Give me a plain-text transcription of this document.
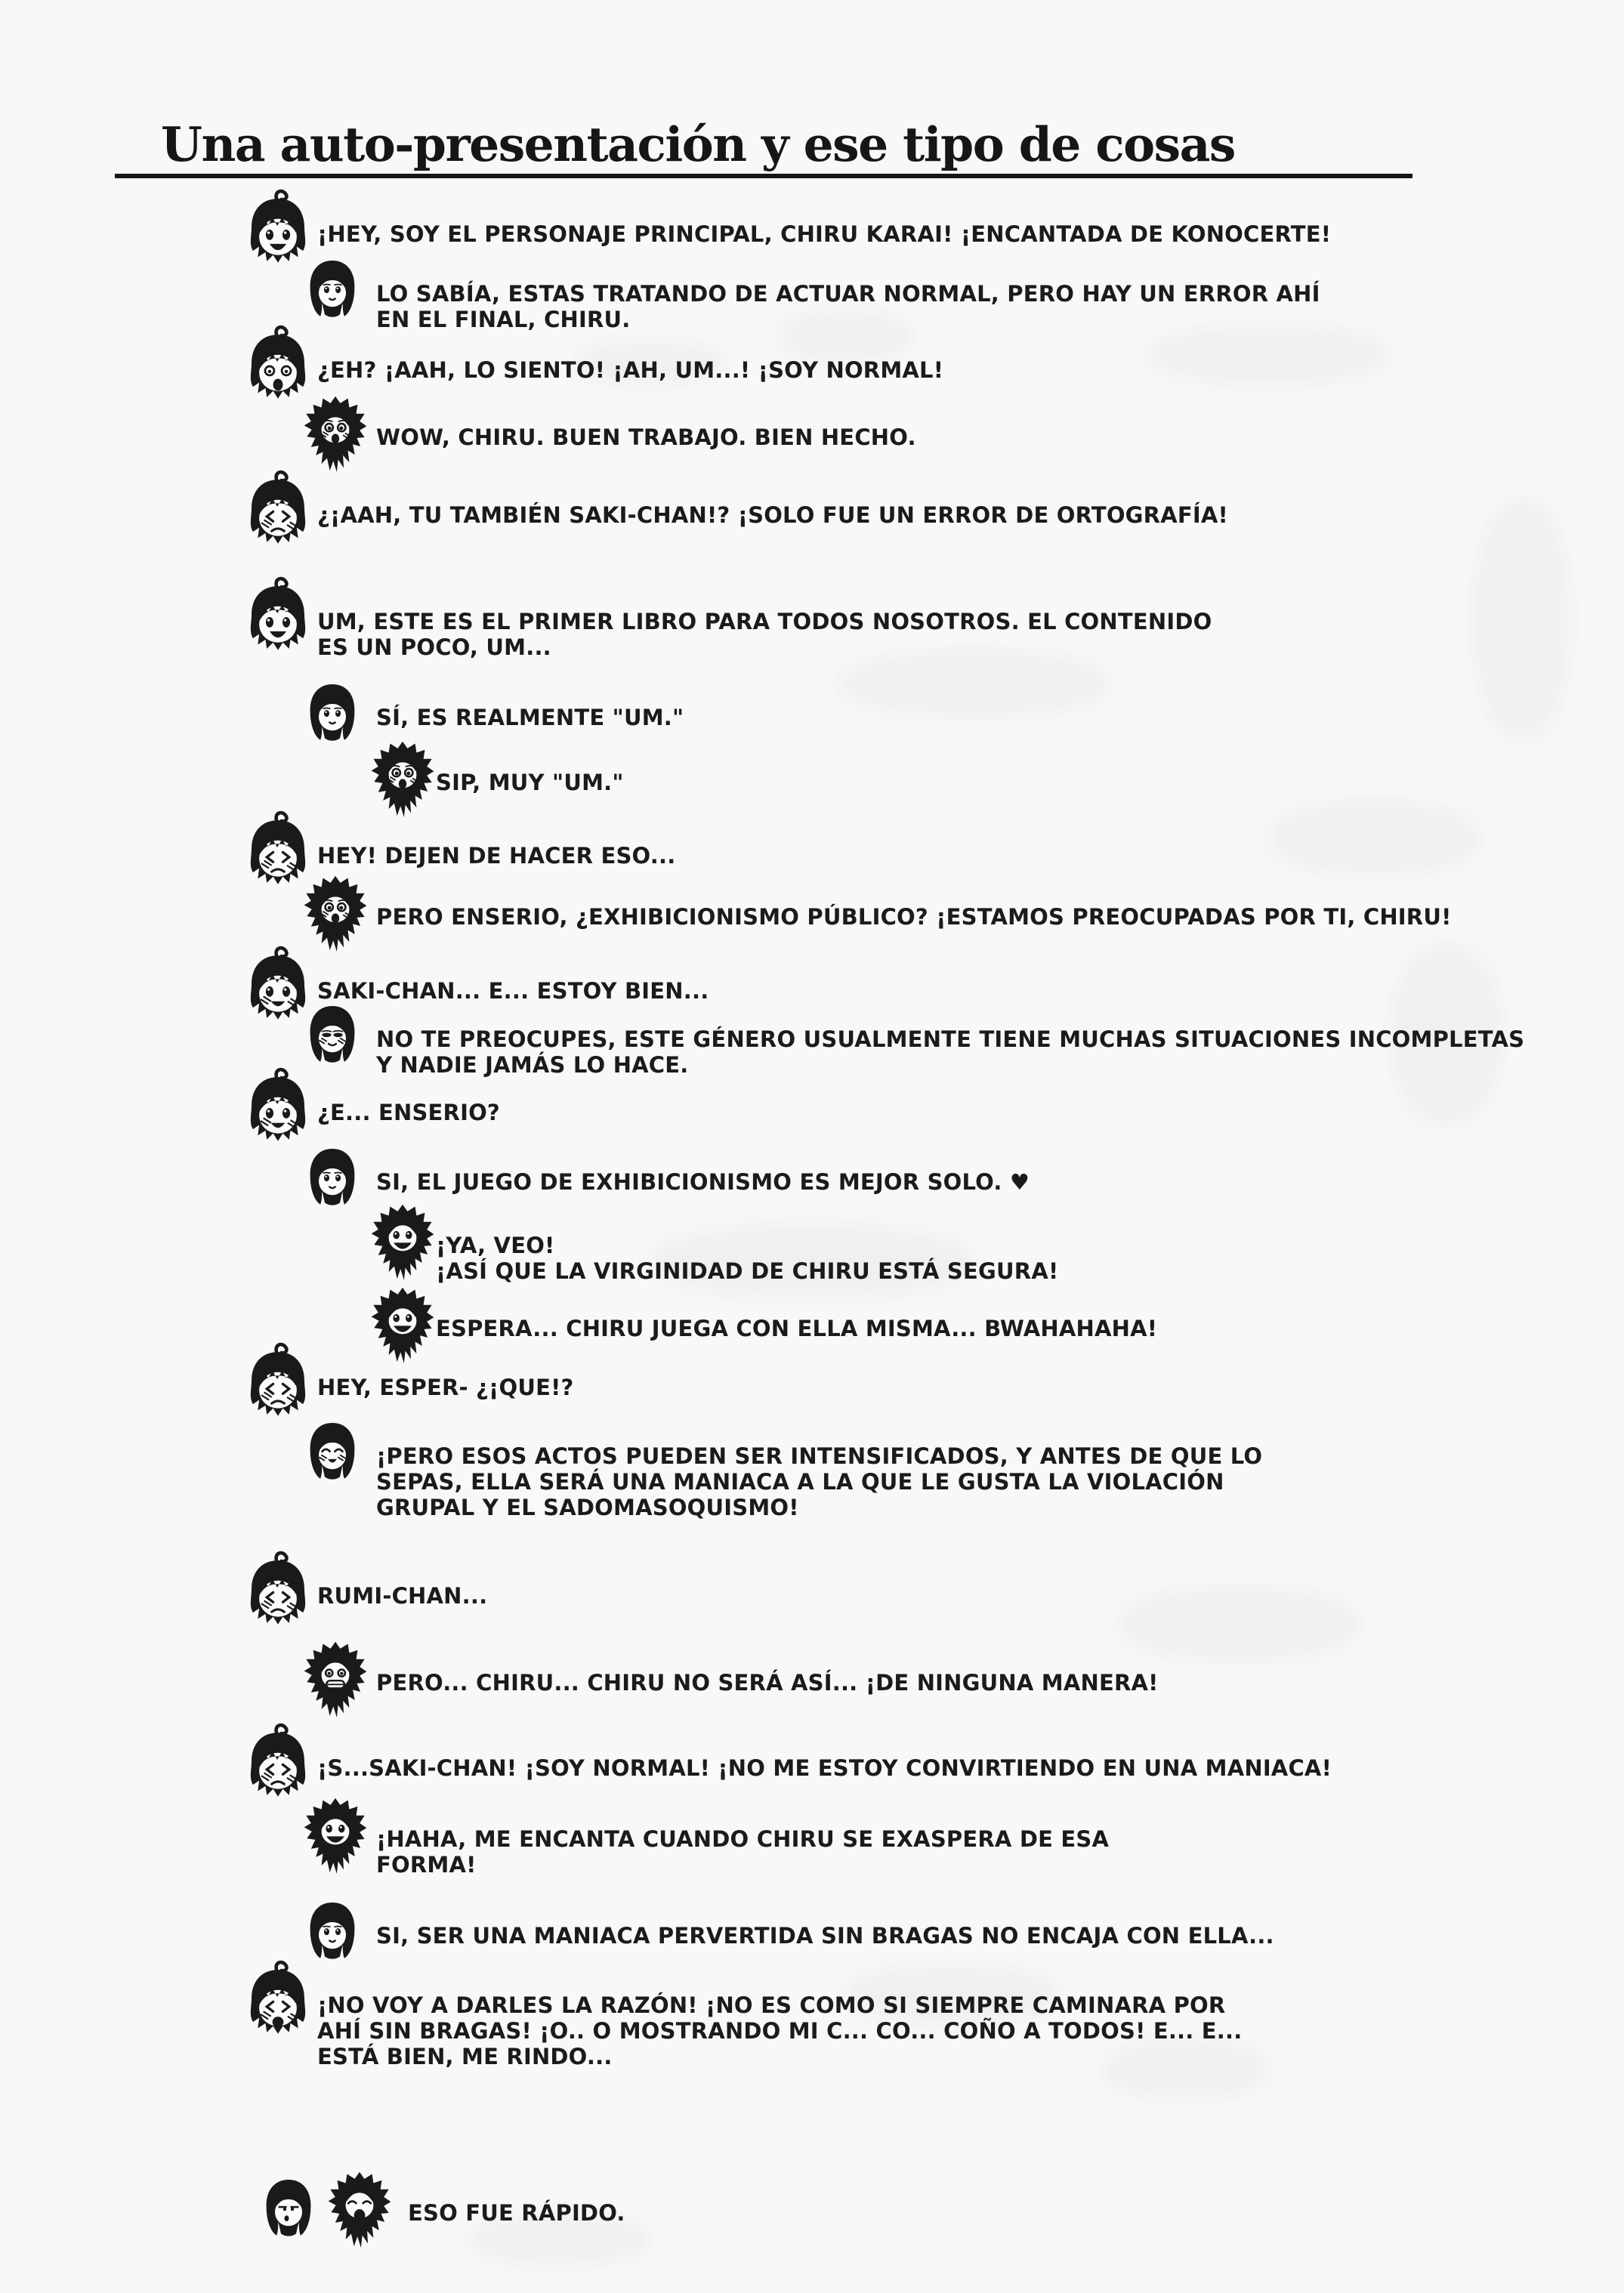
Una auto-presentación y ese tipo de cosas
¡HEY, SOY EL PERSONAJE PRINCIPAL, CHIRU KARAI! ¡ENCANTADA DE KONOCERTE!
LO SABÍA, ESTAS TRATANDO DE ACTUAR NORMAL, PERO HAY UN ERROR AHÍ
EN EL FINAL, CHIRU.
¿EH? ¡AAH, LO SIENTO! ¡AH, UM...! ¡SOY NORMAL!
WOW, CHIRU. BUEN TRABAJO. BIEN HECHO.
¿¡AAH, TU TAMBIÉN SAKI-CHAN!? ¡SOLO FUE UN ERROR DE ORTOGRAFÍA!
UM, ESTE ES EL PRIMER LIBRO PARA TODOS NOSOTROS. EL CONTENIDO
ES UN POCO, UM...
SÍ, ES REALMENTE "UM."
SIP, MUY "UM."
HEY! DEJEN DE HACER ESO...
PERO ENSERIO, ¿EXHIBICIONISMO PÚBLICO? ¡ESTAMOS PREOCUPADAS POR TI, CHIRU!
SAKI-CHAN... E... ESTOY BIEN...
NO TE PREOCUPES, ESTE GÉNERO USUALMENTE TIENE MUCHAS SITUACIONES INCOMPLETAS
Y NADIE JAMÁS LO HACE.
¿E... ENSERIO?
SI, EL JUEGO DE EXHIBICIONISMO ES MEJOR SOLO. ♥
¡YA, VEO!
¡ASÍ QUE LA VIRGINIDAD DE CHIRU ESTÁ SEGURA!
ESPERA... CHIRU JUEGA CON ELLA MISMA... BWAHAHAHA!
HEY, ESPER- ¿¡QUE!?
¡PERO ESOS ACTOS PUEDEN SER INTENSIFICADOS, Y ANTES DE QUE LO
SEPAS, ELLA SERÁ UNA MANIACA A LA QUE LE GUSTA LA VIOLACIÓN
GRUPAL Y EL SADOMASOQUISMO!
RUMI-CHAN...
PERO... CHIRU... CHIRU NO SERÁ ASÍ... ¡DE NINGUNA MANERA!
¡S...SAKI-CHAN! ¡SOY NORMAL! ¡NO ME ESTOY CONVIRTIENDO EN UNA MANIACA!
¡HAHA, ME ENCANTA CUANDO CHIRU SE EXASPERA DE ESA
FORMA!
SI, SER UNA MANIACA PERVERTIDA SIN BRAGAS NO ENCAJA CON ELLA...
¡NO VOY A DARLES LA RAZÓN! ¡NO ES COMO SI SIEMPRE CAMINARA POR
AHÍ SIN BRAGAS! ¡O.. O MOSTRANDO MI C... CO... COÑO A TODOS! E... E...
ESTÁ BIEN, ME RINDO...
ESO FUE RÁPIDO.
